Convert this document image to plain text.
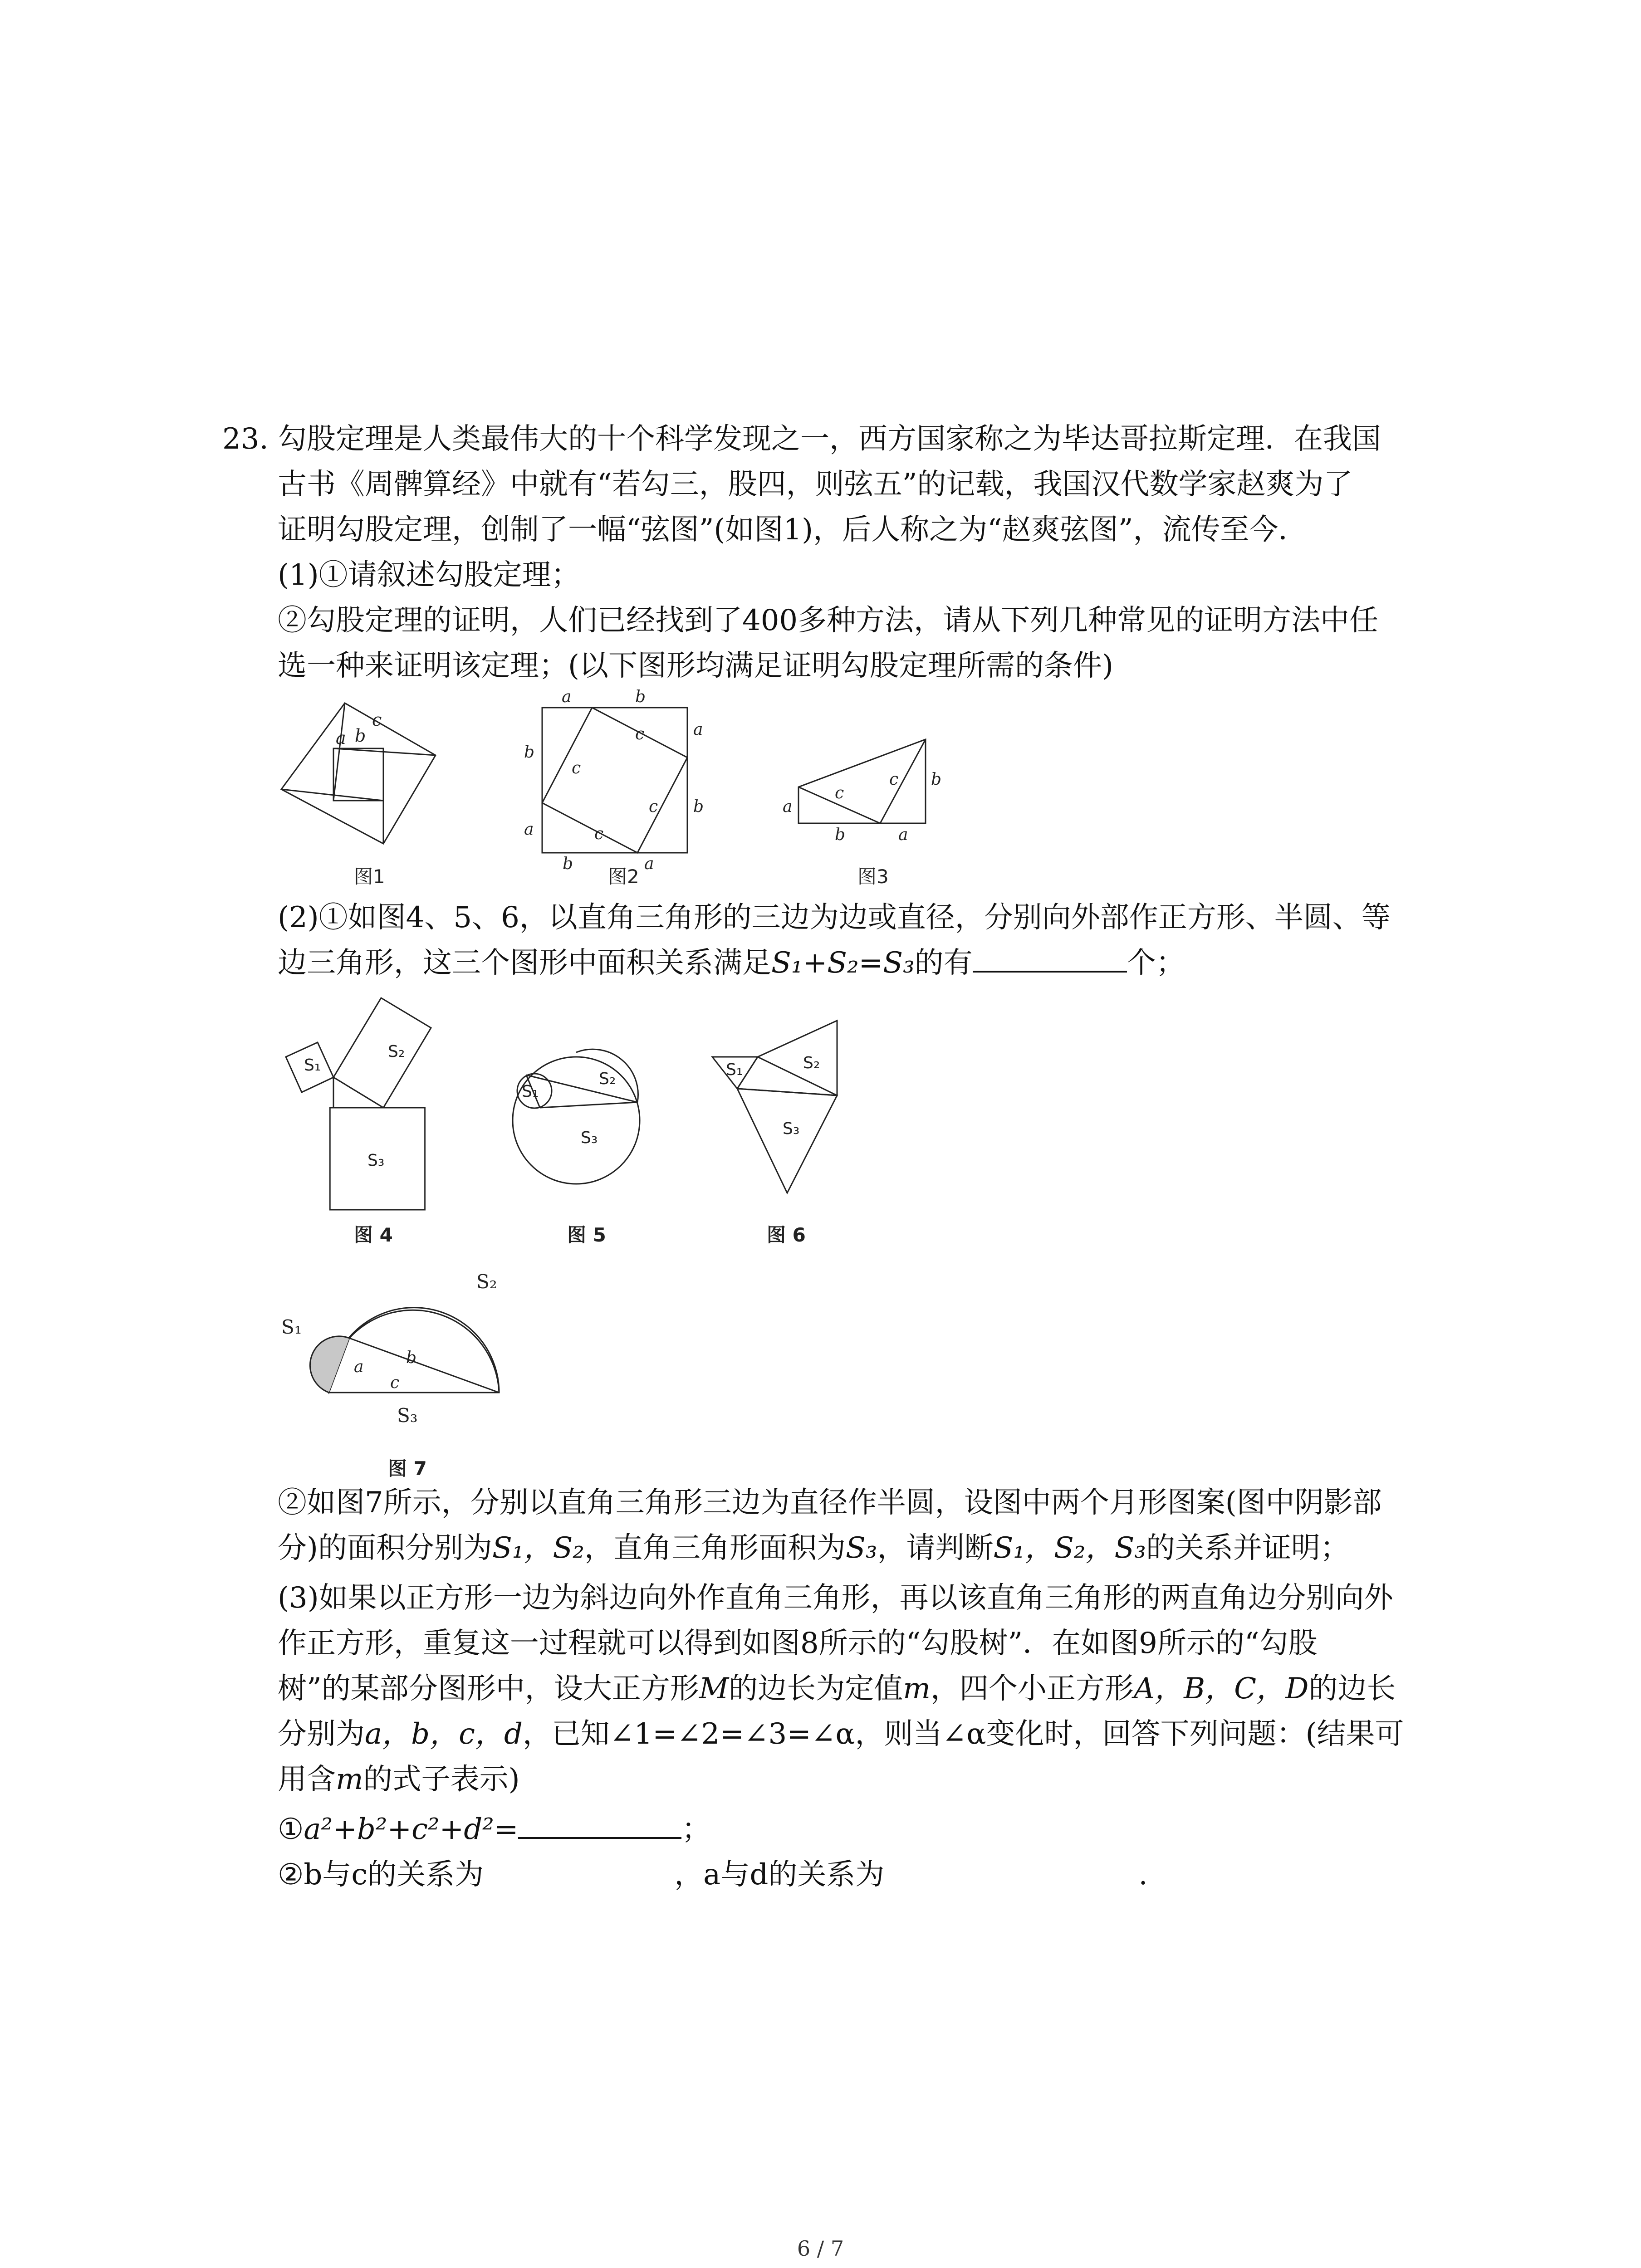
23. 勾股定理是人类最伟大的十个科学发现之一，西方国家称之为毕达哥拉斯定理．在我国
古书《周髀算经》中就有“若勾三，股四，则弦五”的记载，我国汉代数学家赵爽为了
证明勾股定理，创制了一幅“弦图”(如图1)，后人称之为“赵爽弦图”，流传至今．
(1)①请叙述勾股定理；
②勾股定理的证明，人们已经找到了400多种方法，请从下列几种常见的证明方法中任
选一种来证明该定理；(以下图形均满足证明勾股定理所需的条件)
a
c
b
图1
a	b
a
b
b
a
b	a
c
c
c
c
图2
a
c
c b
b	a
图3
(2)①如图4、5、6，以直角三角形的三边为边或直径，分别向外部作正方形、半圆、等
边三角形，这三个图形中面积关系满足S₁+S₂=S₃的有	个；
S₁
S₂
S₃
图 4
S₁
S₂
S₃
图 5
S₁	S₂
S₃
图 6
S₁
S₂
S₃
a	b
c
图 7
②如图7所示，分别以直角三角形三边为直径作半圆，设图中两个月形图案(图中阴影部
分)的面积分别为S₁，S₂，直角三角形面积为S₃，请判断S₁，S₂，S₃的关系并证明；
(3)如果以正方形一边为斜边向外作直角三角形，再以该直角三角形的两直角边分别向外
作正方形，重复这一过程就可以得到如图8所示的“勾股树”．在如图9所示的“勾股
树”的某部分图形中，设大正方形M的边长为定值m，四个小正方形A，B，C，D的边长
分别为a，b，c，d，已知∠1=∠2=∠3=∠α，则当∠α变化时，回答下列问题：(结果可
用含m的式子表示)
①a²+b²+c²+d²=	；
②b与c的关系为	，a与d的关系为	.
6 / 7
